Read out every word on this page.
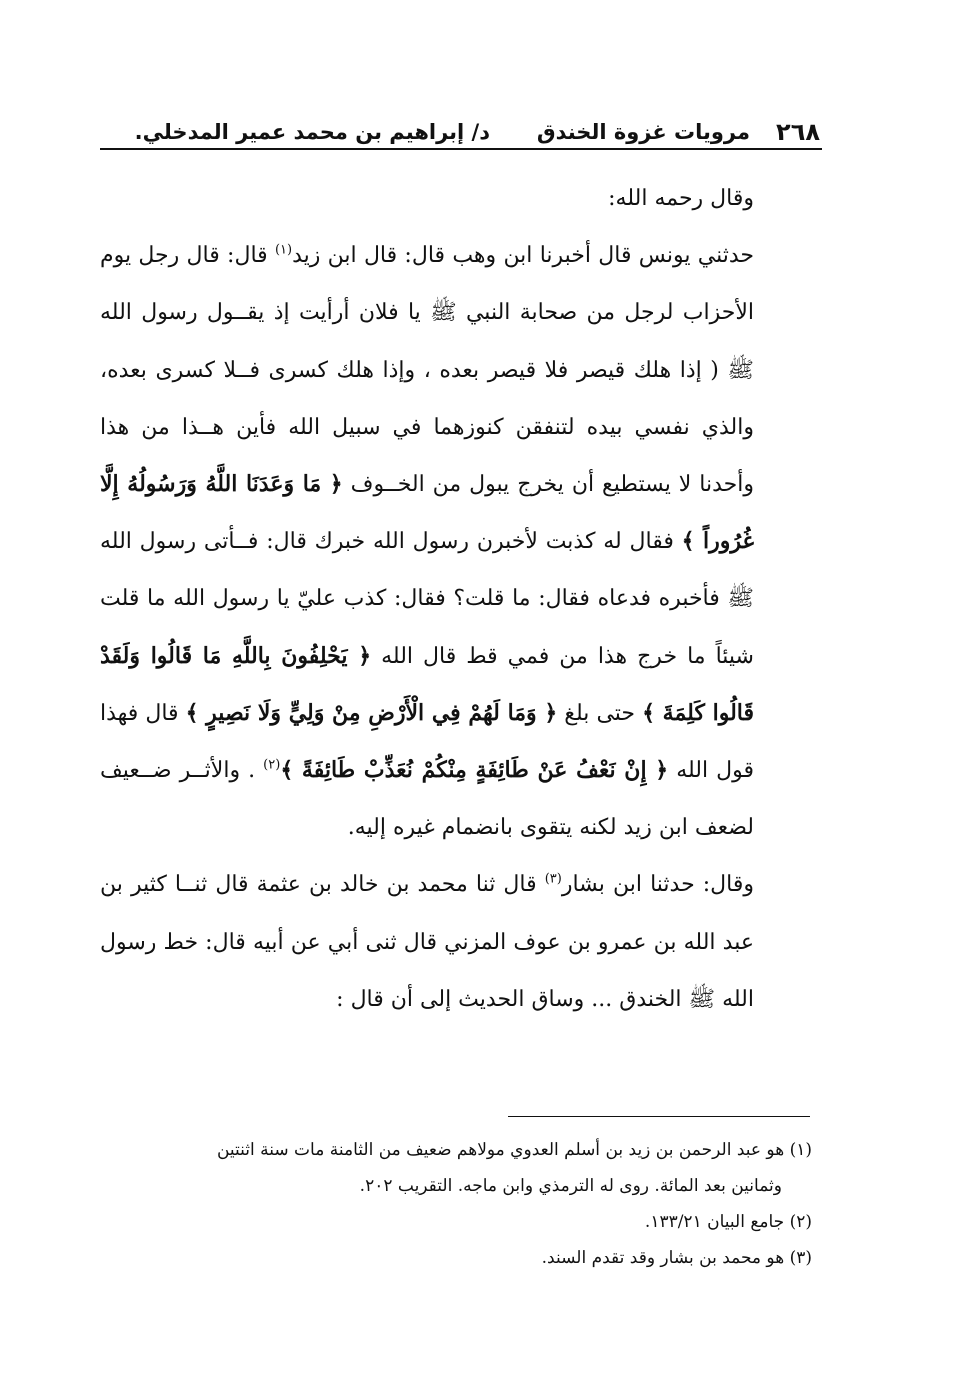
٢٦٨
مرويات غزوة الخندق
د/ إبراهيم بن محمد عمير المدخلي.

وقال رحمه الله:

حدثني يونس قال أخبرنا ابن وهب قال: قال ابن زيد$^{(١)}$ قال: قال رجل يوم الأحزاب لرجل من صحابة النبي ﷺ يا فلان أرأيت إذ يقــول رسول الله ﷺ ( إذا هلك قيصر فلا قيصر بعده ، وإذا هلك كسرى فــلا كسرى بعده، والذي نفسي بيده لتنفقن كنوزهما في سبيل الله فأين هــذا من هذا وأحدنا لا يستطيع أن يخرج يبول من الخــوف ﴿ مَا وَعَدَنَا اللَّهُ وَرَسُولُهُ إِلَّا غُرُوراً ﴾ فقال له كذبت لأخبرن رسول الله خبرك قال: فــأتى رسول الله ﷺ فأخبره فدعاه فقال: ما قلت؟ فقال: كذب عليّ يا رسول الله ما قلت شيئاً ما خرج هذا من فمي قط قال الله ﴿ يَحْلِفُونَ بِاللَّهِ مَا قَالُوا وَلَقَدْ قَالُوا كَلِمَةَ ﴾ حتى بلغ ﴿ وَمَا لَهُمْ فِي الْأَرْضِ مِنْ وَلِيٍّ وَلَا نَصِيرٍ ﴾ قال فهذا قول الله ﴿ إِنْ نَعْفُ عَنْ طَائِفَةٍ مِنْكُمْ نُعَذِّبْ طَائِفَةً ﴾$^{(٢)}$ . والأثــر ضــعيف لضعف ابن زيد لكنه يتقوى بانضمام غيره إليه.

وقال: حدثنا ابن بشار$^{(٣)}$ قال ثنا محمد بن خالد بن عثمة قال ثنــا كثير بن عبد الله بن عمرو بن عوف المزني قال ثنى أبي عن أبيه قال: خط رسول الله ﷺ الخندق ... وساق الحديث إلى أن قال :

(١) هو عبد الرحمن بن زيد بن أسلم العدوي مولاهم ضعيف من الثامنة مات سنة اثنتين

وثمانين بعد المائة. روى له الترمذي وابن ماجه. التقريب ٢٠٢.

(٢) جامع البيان ١٣٣/٢١.

(٣) هو محمد بن بشار وقد تقدم السند.
